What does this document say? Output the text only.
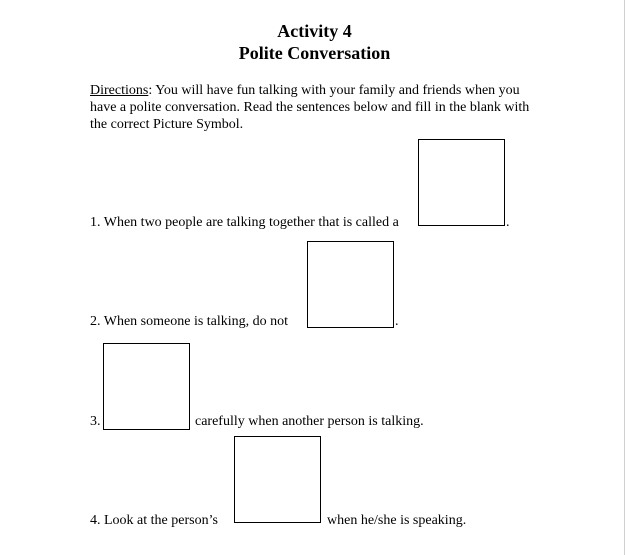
Activity 4
Polite Conversation
Directions: You will have fun talking with your family and friends when you have a polite conversation. Read the sentences below and fill in the blank with the correct Picture Symbol.
1. When two people are talking together that is called a	.
2. When someone is talking, do not	.
3.	carefully when another person is talking.
4. Look at the person’s	when he/she is speaking.
